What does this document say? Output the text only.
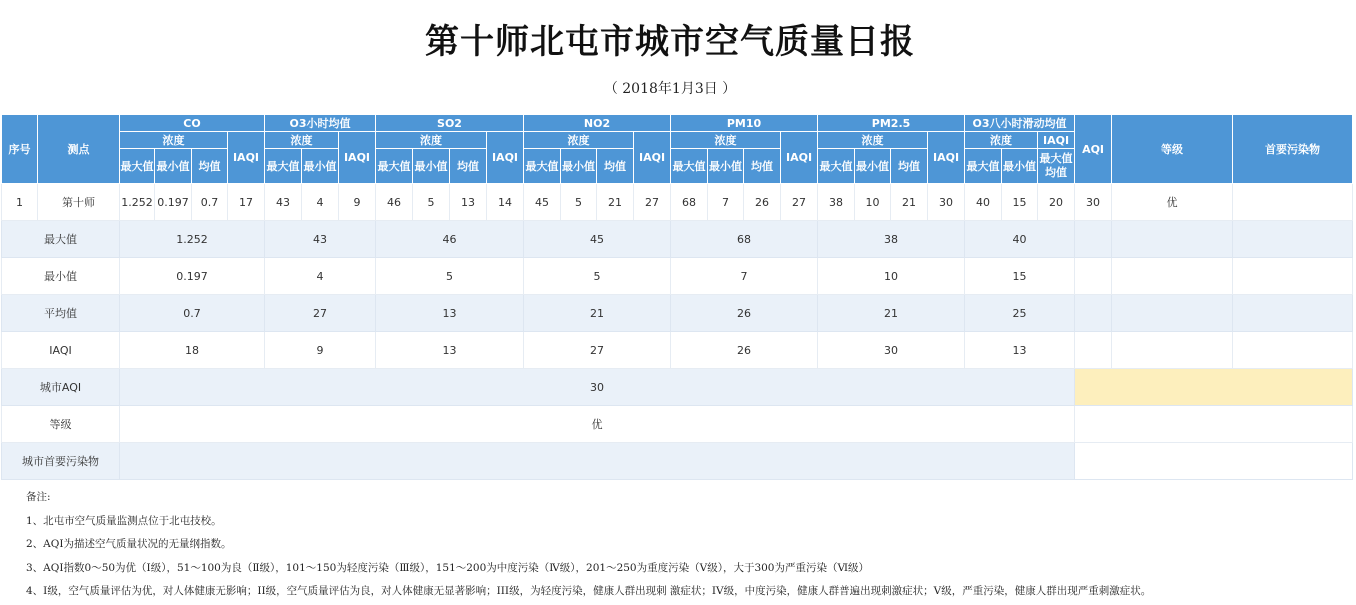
第十师北屯市城市空气质量日报
（ 2018年1月3日 ）
序号	测点	CO				O3小时均值			SO2				NO2				PM10				PM2.5				O3八小时滑动均值			AQI	等级	首要污染物
		浓度			IAQI	浓度		IAQI	浓度			IAQI	浓度			IAQI	浓度			IAQI	浓度			IAQI	浓度		IAQI			
		最大值	最小值	均值		最大值	最小值		最大值	最小值	均值		最大值	最小值	均值		最大值	最小值	均值		最大值	最小值	均值		最大值	最小值	最大值均值			

1	第十师	1.252	0.197	0.7	17	43	4	9	46	5	13	14	45	5	21	27	68	7	26	27	38	10	21	30	40	15	20	30	优	
最大值		1.252				43			46				45				68				38				40					
最小值		0.197				4			5				5				7				10				15					
平均值		0.7				27			13				21				26				21				25					
IAQI		18				9			13				27				26				30				13					
城市AQI		30																												
等级		优																												
城市首要污染物																														
备注:
1、北屯市空气质量监测点位于北屯技校。
2、AQI为描述空气质量状况的无量纲指数。
3、AQI指数0～50为优（Ⅰ级），51～100为良（Ⅱ级），101～150为轻度污染（Ⅲ级），151～200为中度污染（Ⅳ级），201～250为重度污染（Ⅴ级），大于300为严重污染（Ⅵ级）
4、I级，空气质量评估为优，对人体健康无影响；II级，空气质量评估为良，对人体健康无显著影响；III级，为轻度污染，健康人群出现刺 激症状；IV级，中度污染，健康人群普遍出现刺激症状；V级，严重污染，健康人群出现严重刺激症状。
